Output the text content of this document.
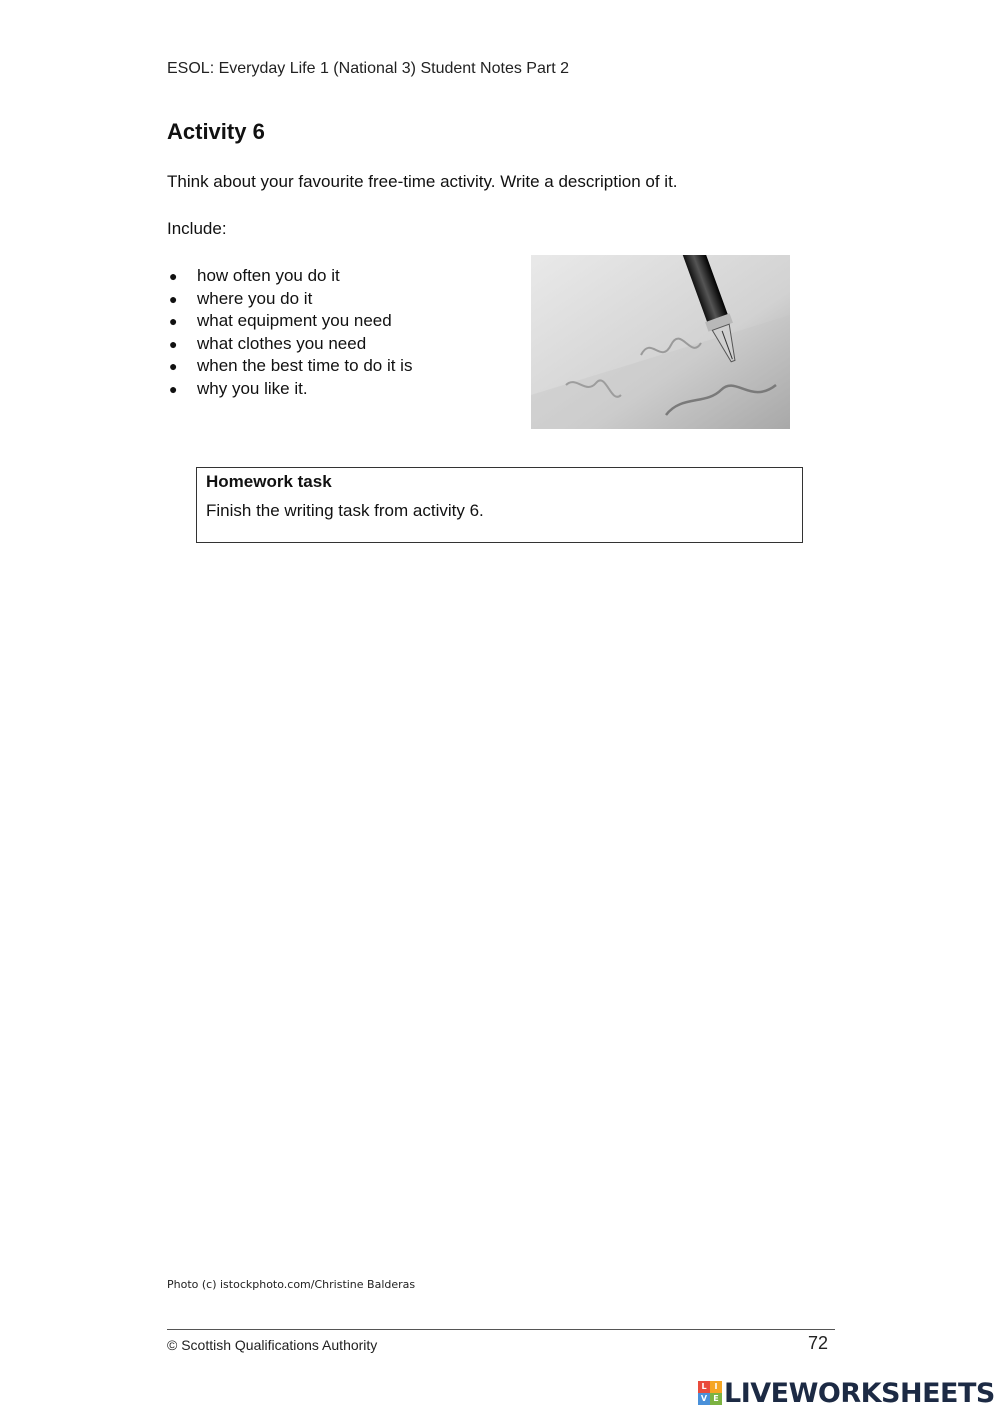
ESOL: Everyday Life 1 (National 3) Student Notes Part 2
Activity 6
Think about your favourite free-time activity. Write a description of it.
Include:
● how often you do it
● where you do it
● what equipment you need
● what clothes you need
● when the best time to do it is
● why you like it.
Homework task
Finish the writing task from activity 6.
Photo (c) istockphoto.com/Christine Balderas
© Scottish Qualifications Authority	72
L I
V E LIVEWORKSHEETS
